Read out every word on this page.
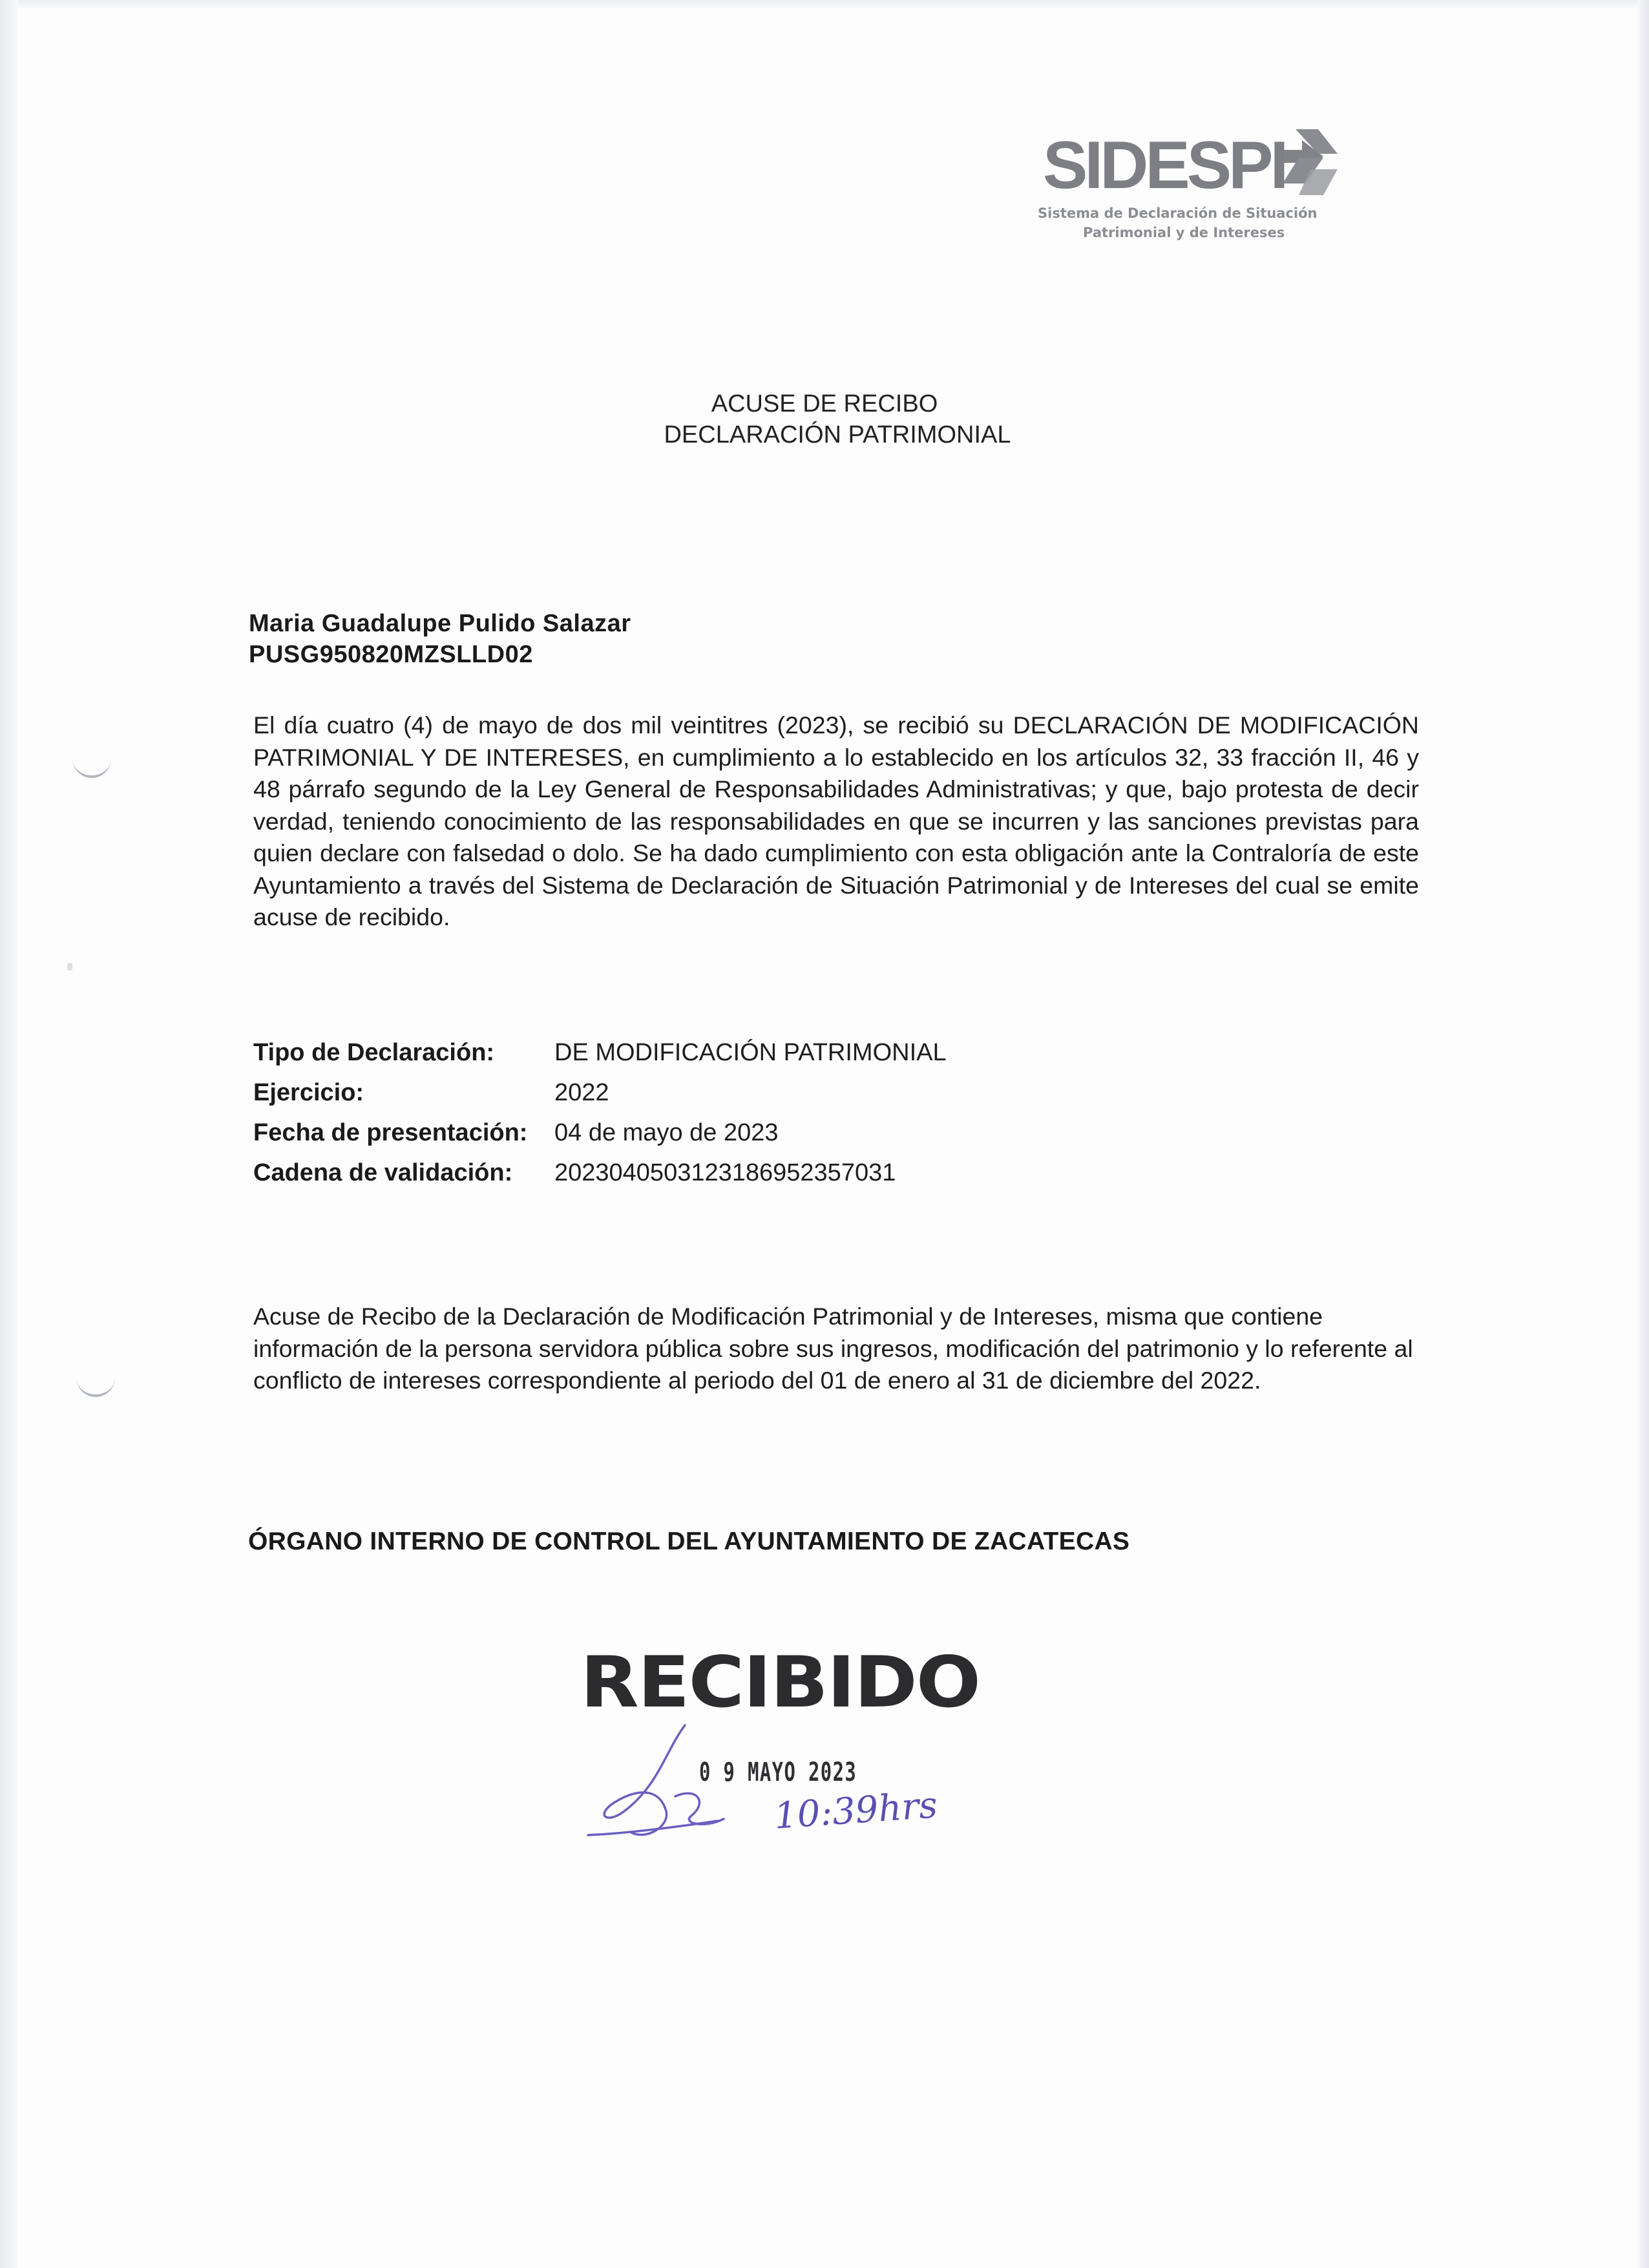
SIDESPI
Sistema de Declaración de Situación
Patrimonial y de Intereses
ACUSE DE RECIBO
DECLARACIÓN PATRIMONIAL
Maria Guadalupe Pulido Salazar
PUSG950820MZSLLD02
El día cuatro (4) de mayo de dos mil veintitres (2023), se recibió su DECLARACIÓN DE MODIFICACIÓN PATRIMONIAL Y DE INTERESES, en cumplimiento a lo establecido en los artículos 32, 33 fracción II, 46 y 48 párrafo segundo de la Ley General de Responsabilidades Administrativas; y que, bajo protesta de decir verdad, teniendo conocimiento de las responsabilidades en que se incurren y las sanciones previstas para quien declare con falsedad o dolo. Se ha dado cumplimiento con esta obligación ante la Contraloría de este Ayuntamiento a través del Sistema de Declaración de Situación Patrimonial y de Intereses del cual se emite acuse de recibido.
Tipo de Declaración: DE MODIFICACIÓN PATRIMONIAL
Ejercicio:	2022
Fecha de presentación: 04 de mayo de 2023
Cadena de validación: 2023040503123186952357031
Acuse de Recibo de la Declaración de Modificación Patrimonial y de Intereses, misma que contiene información de la persona servidora pública sobre sus ingresos, modificación del patrimonio y lo referente al conflicto de intereses correspondiente al periodo del 01 de enero al 31 de diciembre del 2022.
ÓRGANO INTERNO DE CONTROL DEL AYUNTAMIENTO DE ZACATECAS
RECIBIDO
0 9 MAYO 2023
10:39hrs
